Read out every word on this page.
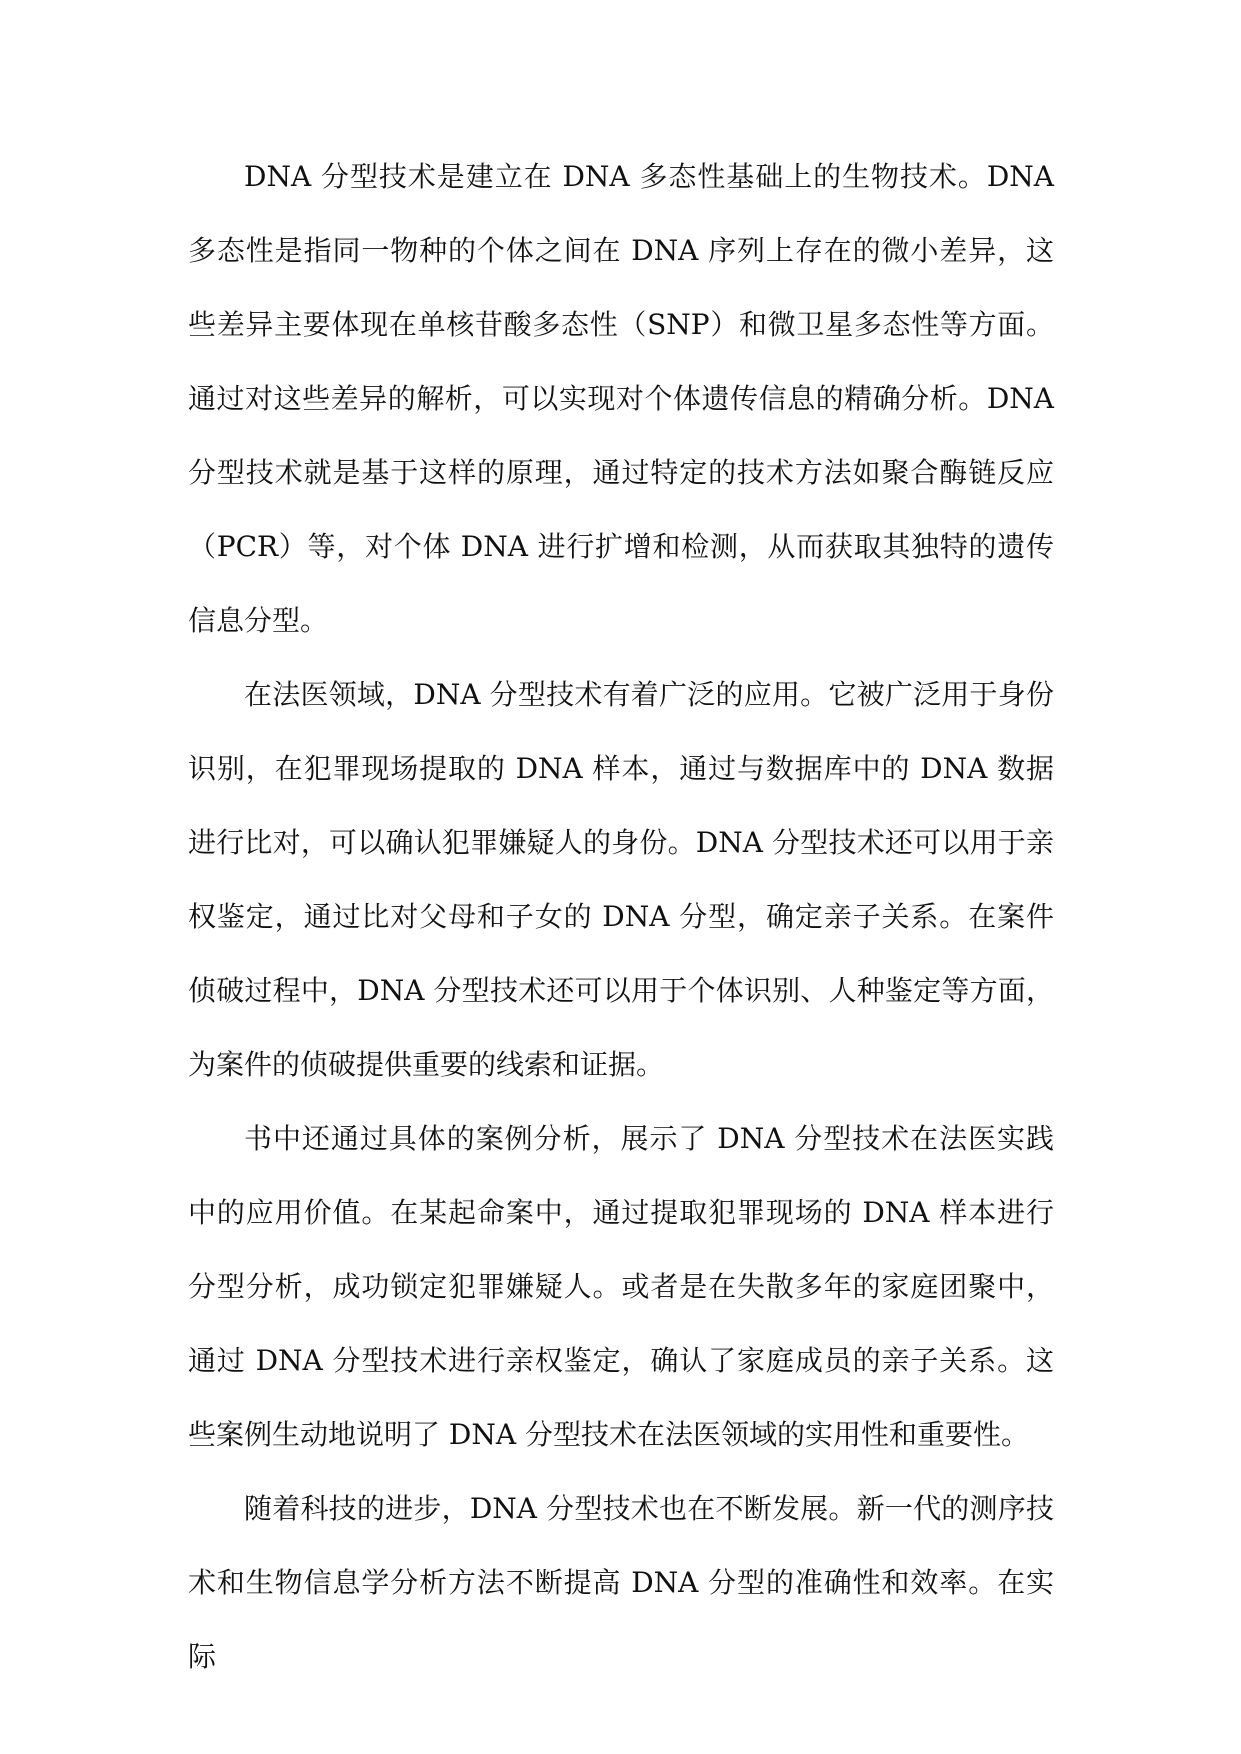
DNA 分型技术是建立在 DNA 多态性基础上的生物技术。DNA 多态性是指同一物种的个体之间在 DNA 序列上存在的微小差异，这些差异主要体现在单核苷酸多态性（SNP）和微卫星多态性等方面。通过对这些差异的解析，可以实现对个体遗传信息的精确分析。DNA 分型技术就是基于这样的原理，通过特定的技术方法如聚合酶链反应（PCR）等，对个体 DNA 进行扩增和检测，从而获取其独特的遗传信息分型。

在法医领域，DNA 分型技术有着广泛的应用。它被广泛用于身份识别，在犯罪现场提取的 DNA 样本，通过与数据库中的 DNA 数据进行比对，可以确认犯罪嫌疑人的身份。DNA 分型技术还可以用于亲权鉴定，通过比对父母和子女的 DNA 分型，确定亲子关系。在案件侦破过程中，DNA 分型技术还可以用于个体识别、人种鉴定等方面，为案件的侦破提供重要的线索和证据。

书中还通过具体的案例分析，展示了 DNA 分型技术在法医实践中的应用价值。在某起命案中，通过提取犯罪现场的 DNA 样本进行分型分析，成功锁定犯罪嫌疑人。或者是在失散多年的家庭团聚中，通过 DNA 分型技术进行亲权鉴定，确认了家庭成员的亲子关系。这些案例生动地说明了 DNA 分型技术在法医领域的实用性和重要性。

随着科技的进步，DNA 分型技术也在不断发展。新一代的测序技术和生物信息学分析方法不断提高 DNA 分型的准确性和效率。在实际
